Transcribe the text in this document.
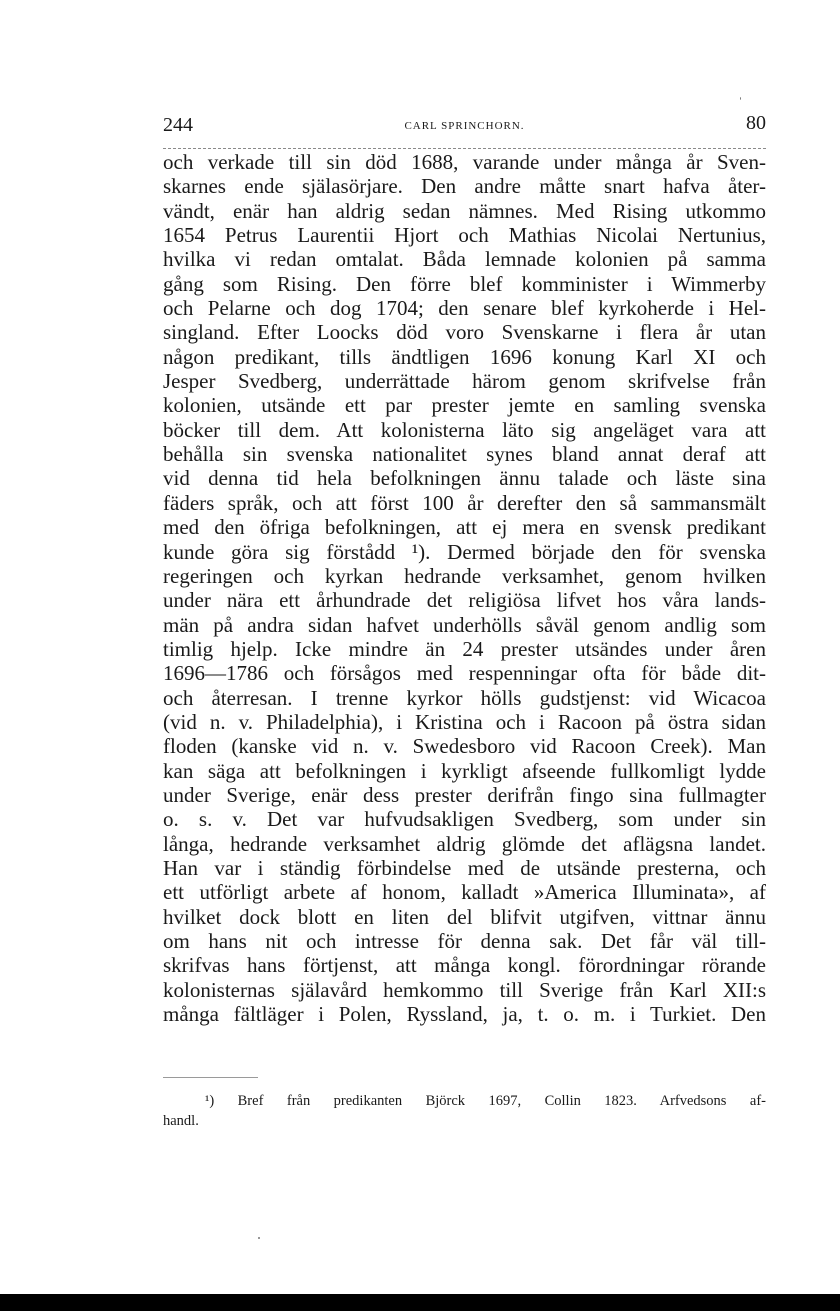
244	CARL SPRINCHORN.	80
och verkade till sin död 1688, varande under många år Sven-
skarnes ende själasörjare. Den andre måtte snart hafva åter-
vändt, enär han aldrig sedan nämnes. Med Rising utkommo
1654 Petrus Laurentii Hjort och Mathias Nicolai Nertunius,
hvilka vi redan omtalat. Båda lemnade kolonien på samma
gång som Rising. Den förre blef komminister i Wimmerby
och Pelarne och dog 1704; den senare blef kyrkoherde i Hel-
singland. Efter Loocks död voro Svenskarne i flera år utan
någon predikant, tills ändtligen 1696 konung Karl XI och
Jesper Svedberg, underrättade härom genom skrifvelse från
kolonien, utsände ett par prester jemte en samling svenska
böcker till dem. Att kolonisterna läto sig angeläget vara att
behålla sin svenska nationalitet synes bland annat deraf att
vid denna tid hela befolkningen ännu talade och läste sina
fäders språk, och att först 100 år derefter den så sammansmält
med den öfriga befolkningen, att ej mera en svensk predikant
kunde göra sig förstådd ¹). Dermed började den för svenska
regeringen och kyrkan hedrande verksamhet, genom hvilken
under nära ett århundrade det religiösa lifvet hos våra lands-
män på andra sidan hafvet underhölls såväl genom andlig som
timlig hjelp. Icke mindre än 24 prester utsändes under åren
1696—1786 och försågos med respenningar ofta för både dit-
och återresan. I trenne kyrkor hölls gudstjenst: vid Wicacoa
(vid n. v. Philadelphia), i Kristina och i Racoon på östra sidan
floden (kanske vid n. v. Swedesboro vid Racoon Creek). Man
kan säga att befolkningen i kyrkligt afseende fullkomligt lydde
under Sverige, enär dess prester derifrån fingo sina fullmagter
o. s. v. Det var hufvudsakligen Svedberg, som under sin
långa, hedrande verksamhet aldrig glömde det aflägsna landet.
Han var i ständig förbindelse med de utsände presterna, och
ett utförligt arbete af honom, kalladt »America Illuminata», af
hvilket dock blott en liten del blifvit utgifven, vittnar ännu
om hans nit och intresse för denna sak. Det får väl till-
skrifvas hans förtjenst, att många kongl. förordningar rörande
kolonisternas själavård hemkommo till Sverige från Karl XII:s
många fältläger i Polen, Ryssland, ja, t. o. m. i Turkiet. Den
¹) Bref från predikanten Björck 1697, Collin 1823. Arfvedsons af-
handl.
